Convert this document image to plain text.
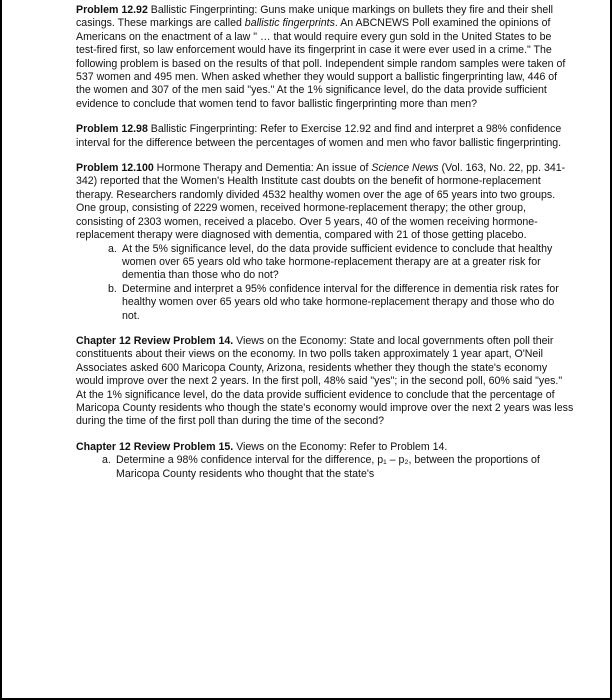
Problem 12.92 Ballistic Fingerprinting: Guns make unique markings on bullets they fire and their shell casings. These markings are called ballistic fingerprints. An ABCNEWS Poll examined the opinions of Americans on the enactment of a law " … that would require every gun sold in the United States to be test-fired first, so law enforcement would have its fingerprint in case it were ever used in a crime." The following problem is based on the results of that poll. Independent simple random samples were taken of 537 women and 495 men. When asked whether they would support a ballistic fingerprinting law, 446 of the women and 307 of the men said "yes." At the 1% significance level, do the data provide sufficient evidence to conclude that women tend to favor ballistic fingerprinting more than men?

Problem 12.98 Ballistic Fingerprinting: Refer to Exercise 12.92 and find and interpret a 98% confidence interval for the difference between the percentages of women and men who favor ballistic fingerprinting.

Problem 12.100 Hormone Therapy and Dementia: An issue of Science News (Vol. 163, No. 22, pp. 341-342) reported that the Women's Health Institute cast doubts on the benefit of hormone-replacement therapy. Researchers randomly divided 4532 healthy women over the age of 65 years into two groups. One group, consisting of 2229 women, received hormone-replacement therapy; the other group, consisting of 2303 women, received a placebo. Over 5 years, 40 of the women receiving hormone-replacement therapy were diagnosed with dementia, compared with 21 of those getting placebo.

a. At the 5% significance level, do the data provide sufficient evidence to conclude that healthy women over 65 years old who take hormone-replacement therapy are at a greater risk for dementia than those who do not?
b. Determine and interpret a 95% confidence interval for the difference in dementia risk rates for healthy women over 65 years old who take hormone-replacement therapy and those who do not.

Chapter 12 Review Problem 14. Views on the Economy: State and local governments often poll their constituents about their views on the economy. In two polls taken approximately 1 year apart, O'Neil Associates asked 600 Maricopa County, Arizona, residents whether they though the state's economy would improve over the next 2 years. In the first poll, 48% said "yes"; in the second poll, 60% said "yes." At the 1% significance level, do the data provide sufficient evidence to conclude that the percentage of Maricopa County residents who though the state's economy would improve over the next 2 years was less during the time of the first poll than during the time of the second?

Chapter 12 Review Problem 15. Views on the Economy: Refer to Problem 14.

a. Determine a 98% confidence interval for the difference, p₁ – p₂, between the proportions of Maricopa County residents who thought that the state's
